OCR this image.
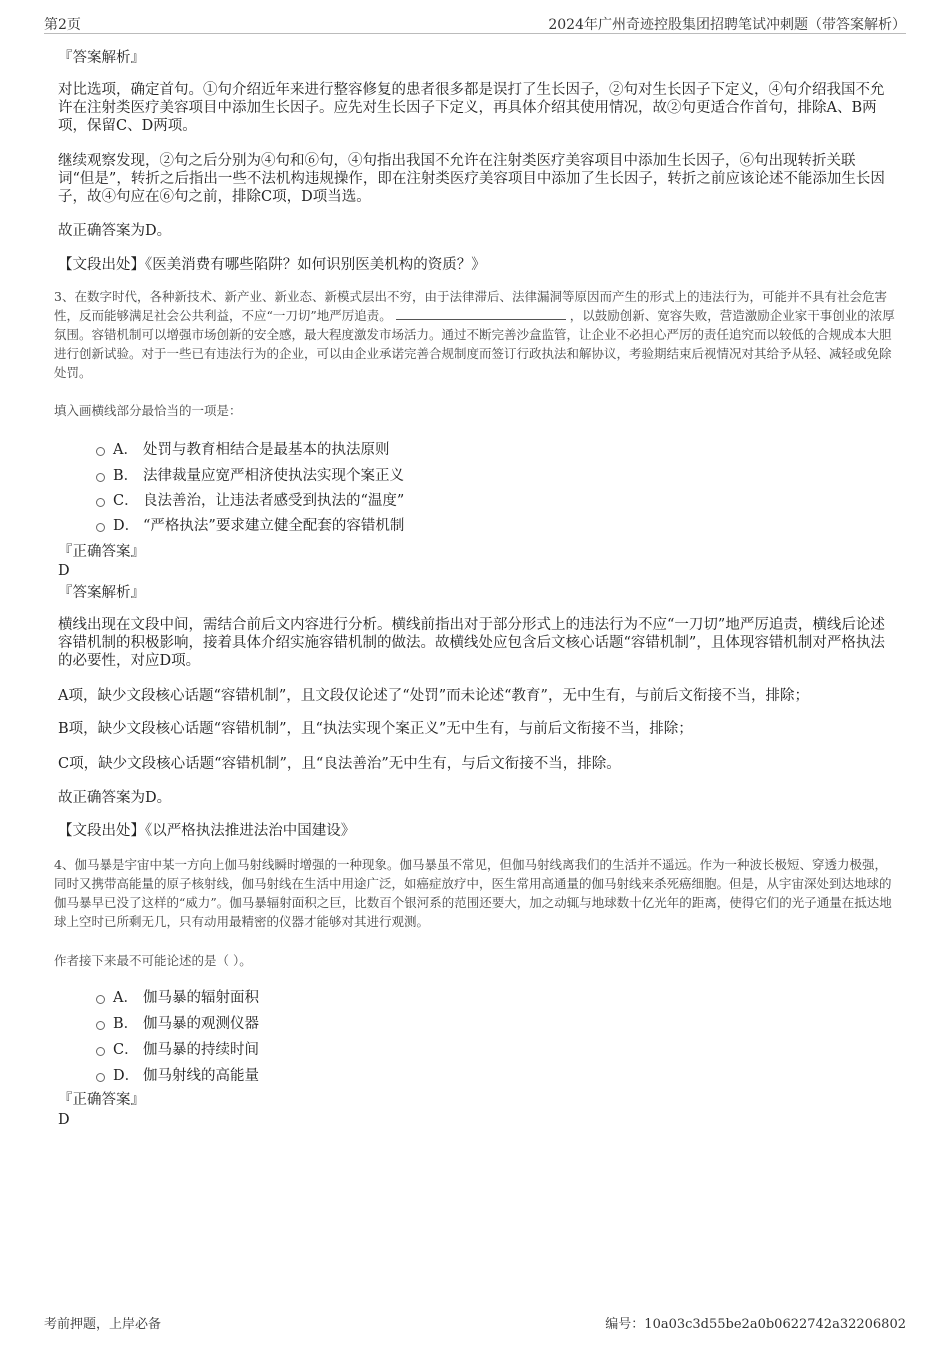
第2页	2024年广州奇迹控股集团招聘笔试冲刺题（带答案解析）
『答案解析』

对比选项，确定首句。①句介绍近年来进行整容修复的患者很多都是误打了生长因子，②句对生长因子下定义，④句介绍我国不允许在注射类医疗美容项目中添加生长因子。应先对生长因子下定义，再具体介绍其使用情况，故②句更适合作首句，排除A、B两项，保留C、D两项。

继续观察发现，②句之后分别为④句和⑥句，④句指出我国不允许在注射类医疗美容项目中添加生长因子，⑥句出现转折关联词“但是”，转折之后指出一些不法机构违规操作，即在注射类医疗美容项目中添加了生长因子，转折之前应该论述不能添加生长因子，故④句应在⑥句之前，排除C项，D项当选。

故正确答案为D。
【文段出处】《医美消费有哪些陷阱？如何识别医美机构的资质？》

3、在数字时代，各种新技术、新产业、新业态、新模式层出不穷，由于法律滞后、法律漏洞等原因而产生的形式上的违法行为，可能并不具有社会危害性，反而能够满足社会公共利益，不应“一刀切”地严厉追责。	，以鼓励创新、宽容失败，营造激励企业家干事创业的浓厚氛围。容错机制可以增强市场创新的安全感，最大程度激发市场活力。通过不断完善沙盒监管，让企业不必担心严厉的责任追究而以较低的合规成本大胆进行创新试验。对于一些已有违法行为的企业，可以由企业承诺完善合规制度而签订行政执法和解协议，考验期结束后视情况对其给予从轻、减轻或免除处罚。

填入画横线部分最恰当的一项是：
A． 处罚与教育相结合是最基本的执法原则
B． 法律裁量应宽严相济使执法实现个案正义
C． 良法善治，让违法者感受到执法的“温度”
D． “严格执法”要求建立健全配套的容错机制
『正确答案』
D
『答案解析』

横线出现在文段中间，需结合前后文内容进行分析。横线前指出对于部分形式上的违法行为不应“一刀切”地严厉追责，横线后论述容错机制的积极影响，接着具体介绍实施容错机制的做法。故横线处应包含后文核心话题“容错机制”，且体现容错机制对严格执法的必要性，对应D项。

A项，缺少文段核心话题“容错机制”，且文段仅论述了“处罚”而未论述“教育”，无中生有，与前后文衔接不当，排除；
B项，缺少文段核心话题“容错机制”，且“执法实现个案正义”无中生有，与前后文衔接不当，排除；
C项，缺少文段核心话题“容错机制”，且“良法善治”无中生有，与后文衔接不当，排除。
故正确答案为D。
【文段出处】《以严格执法推进法治中国建设》

4、伽马暴是宇宙中某一方向上伽马射线瞬时增强的一种现象。伽马暴虽不常见，但伽马射线离我们的生活并不遥远。作为一种波长极短、穿透力极强，同时又携带高能量的原子核射线，伽马射线在生活中用途广泛，如癌症放疗中，医生常用高通量的伽马射线来杀死癌细胞。但是，从宇宙深处到达地球的伽马暴早已没了这样的“威力”。伽马暴辐射面积之巨，比数百个银河系的范围还要大，加之动辄与地球数十亿光年的距离，使得它们的光子通量在抵达地球上空时已所剩无几，只有动用最精密的仪器才能够对其进行观测。

作者接下来最不可能论述的是（ ）。
A． 伽马暴的辐射面积
B． 伽马暴的观测仪器
C． 伽马暴的持续时间
D． 伽马射线的高能量
『正确答案』
D
考前押题，上岸必备	编号：10a03c3d55be2a0b0622742a32206802
